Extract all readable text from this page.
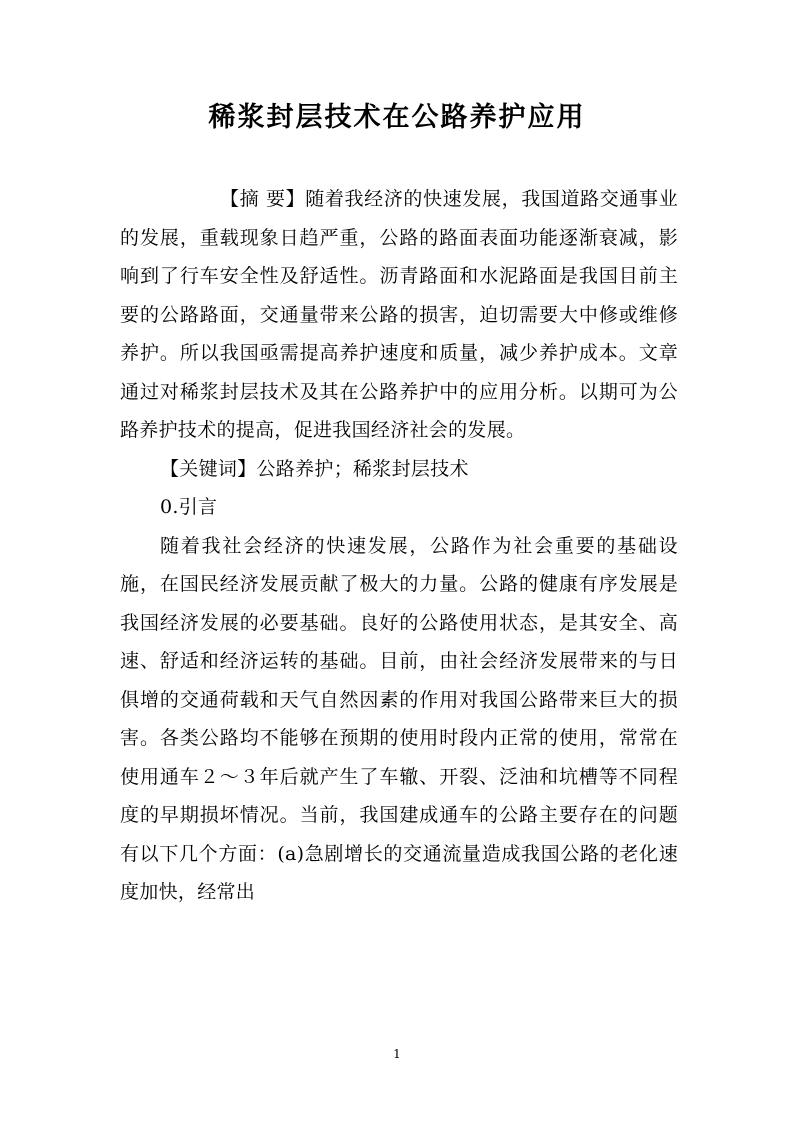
稀浆封层技术在公路养护应用

【摘 要】随着我经济的快速发展，我国道路交通事业的发展，重载现象日趋严重，公路的路面表面功能逐渐衰减，影响到了行车安全性及舒适性。沥青路面和水泥路面是我国目前主要的公路路面，交通量带来公路的损害，迫切需要大中修或维修养护。所以我国亟需提高养护速度和质量，减少养护成本。文章通过对稀浆封层技术及其在公路养护中的应用分析。以期可为公路养护技术的提高，促进我国经济社会的发展。

【关键词】公路养护；稀浆封层技术

0.引言

随着我社会经济的快速发展，公路作为社会重要的基础设施，在国民经济发展贡献了极大的力量。公路的健康有序发展是我国经济发展的必要基础。良好的公路使用状态，是其安全、高速、舒适和经济运转的基础。目前，由社会经济发展带来的与日俱增的交通荷载和天气自然因素的作用对我国公路带来巨大的损害。各类公路均不能够在预期的使用时段内正常的使用，常常在使用通车２～３年后就产生了车辙、开裂、泛油和坑槽等不同程度的早期损坏情况。当前，我国建成通车的公路主要存在的问题有以下几个方面：(a)急剧增长的交通流量造成我国公路的老化速度加快，经常出

1
